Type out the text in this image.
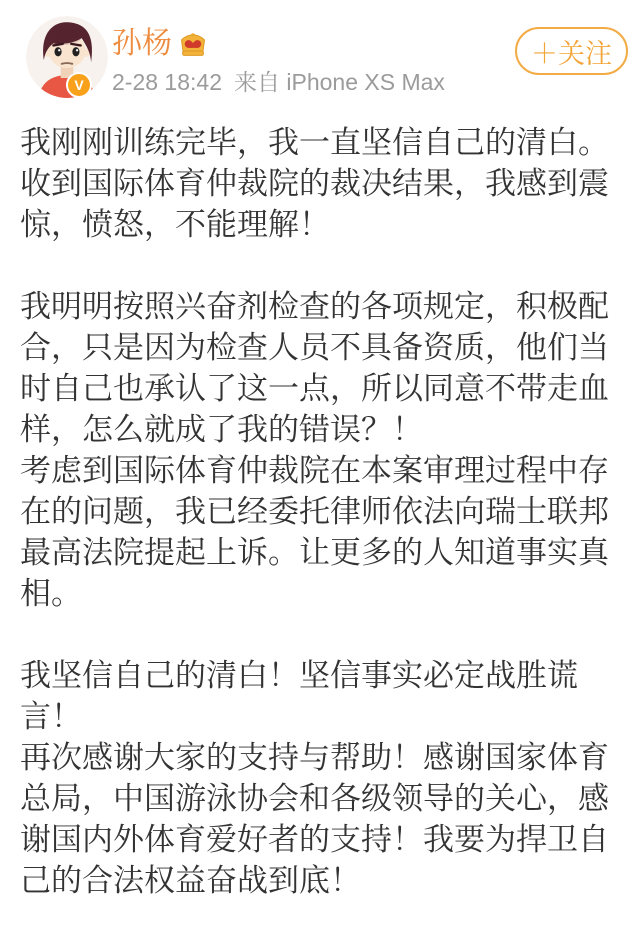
V
孙杨
2-28 18:42 来自 iPhone XS Max
＋ 关注

我刚刚训练完毕，我一直坚信自己的清白。收到国际体育仲裁院的裁决结果，我感到震惊，愤怒，不能理解！

我明明按照兴奋剂检查的各项规定，积极配合，只是因为检查人员不具备资质，他们当时自己也承认了这一点，所以同意不带走血样，怎么就成了我的错误？！

考虑到国际体育仲裁院在本案审理过程中存在的问题，我已经委托律师依法向瑞士联邦最高法院提起上诉。让更多的人知道事实真相。

我坚信自己的清白！坚信事实必定战胜谎言！

再次感谢大家的支持与帮助！感谢国家体育总局，中国游泳协会和各级领导的关心，感谢国内外体育爱好者的支持！我要为捍卫自己的合法权益奋战到底！
